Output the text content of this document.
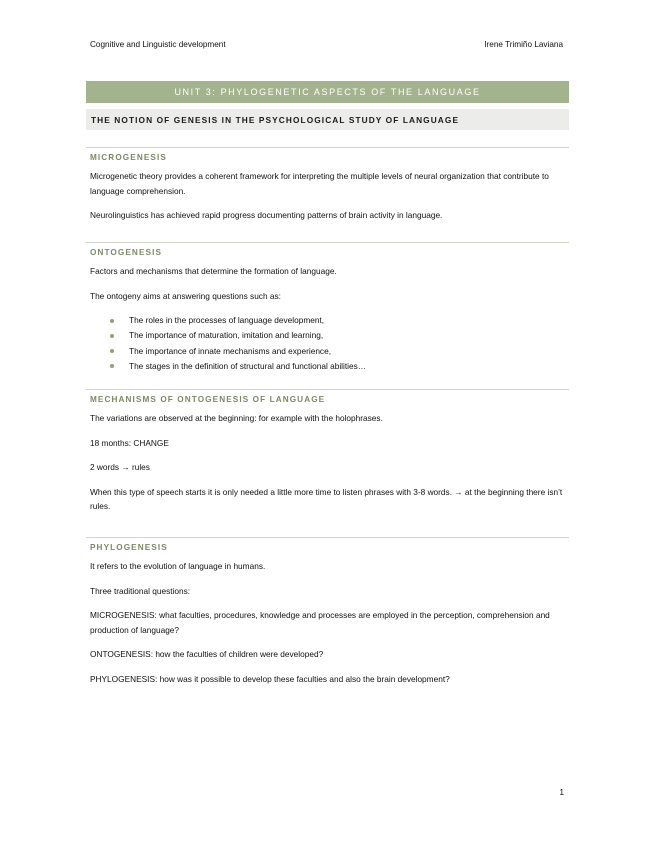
Cognitive and Linguistic development	Irene Trimiño Laviana
UNIT 3: PHYLOGENETIC ASPECTS OF THE LANGUAGE
THE NOTION OF GENESIS IN THE PSYCHOLOGICAL STUDY OF LANGUAGE
MICROGENESIS

Microgenetic theory provides a coherent framework for interpreting the multiple levels of neural organization that contribute to language comprehension.

Neurolinguistics has achieved rapid progress documenting patterns of brain activity in language.

ONTOGENESIS

Factors and mechanisms that determine the formation of language.

The ontogeny aims at answering questions such as:

The roles in the processes of language development,
The importance of maturation, imitation and learning,
The importance of innate mechanisms and experience,
The stages in the definition of structural and functional abilities…
MECHANISMS OF ONTOGENESIS OF LANGUAGE

The variations are observed at the beginning: for example with the holophrases.

18 months: CHANGE

2 words → rules

When this type of speech starts it is only needed a little more time to listen phrases with 3-8 words. → at the beginning there isn’t rules.

PHYLOGENESIS

It refers to the evolution of language in humans.

Three traditional questions:

MICROGENESIS: what faculties, procedures, knowledge and processes are employed in the perception, comprehension and production of language?

ONTOGENESIS: how the faculties of children were developed?

PHYLOGENESIS: how was it possible to develop these faculties and also the brain development?

1
